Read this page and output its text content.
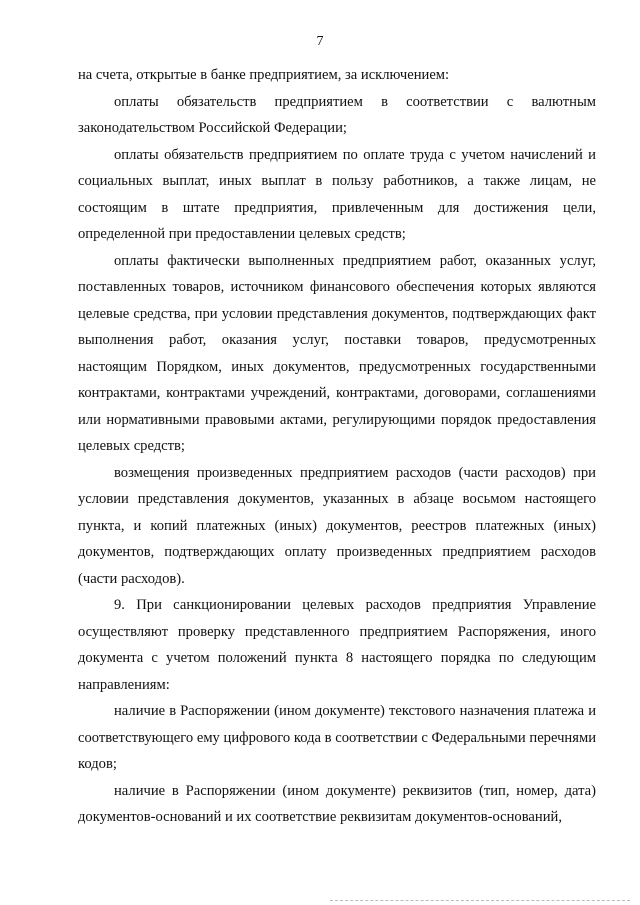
7

на счета, открытые в банке предприятием, за исключением:

оплаты обязательств предприятием в соответствии с валютным законодательством Российской Федерации;

оплаты обязательств предприятием по оплате труда с учетом начислений и социальных выплат, иных выплат в пользу работников, а также лицам, не состоящим в штате предприятия, привлеченным для достижения цели, определенной при предоставлении целевых средств;

оплаты фактически выполненных предприятием работ, оказанных услуг, поставленных товаров, источником финансового обеспечения которых являются целевые средства, при условии представления документов, подтверждающих факт выполнения работ, оказания услуг, поставки товаров, предусмотренных настоящим Порядком, иных документов, предусмотренных государственными контрактами, контрактами учреждений, контрактами, договорами, соглашениями или нормативными правовыми актами, регулирующими порядок предоставления целевых средств;

возмещения произведенных предприятием расходов (части расходов) при условии представления документов, указанных в абзаце восьмом настоящего пункта, и копий платежных (иных) документов, реестров платежных (иных) документов, подтверждающих оплату произведенных предприятием расходов (части расходов).

9. При санкционировании целевых расходов предприятия Управление осуществляют проверку представленного предприятием Распоряжения, иного документа с учетом положений пункта 8 настоящего порядка по следующим направлениям:

наличие в Распоряжении (ином документе) текстового назначения платежа и соответствующего ему цифрового кода в соответствии с Федеральными перечнями кодов;

наличие в Распоряжении (ином документе) реквизитов (тип, номер, дата) документов-оснований и их соответствие реквизитам документов-оснований,
